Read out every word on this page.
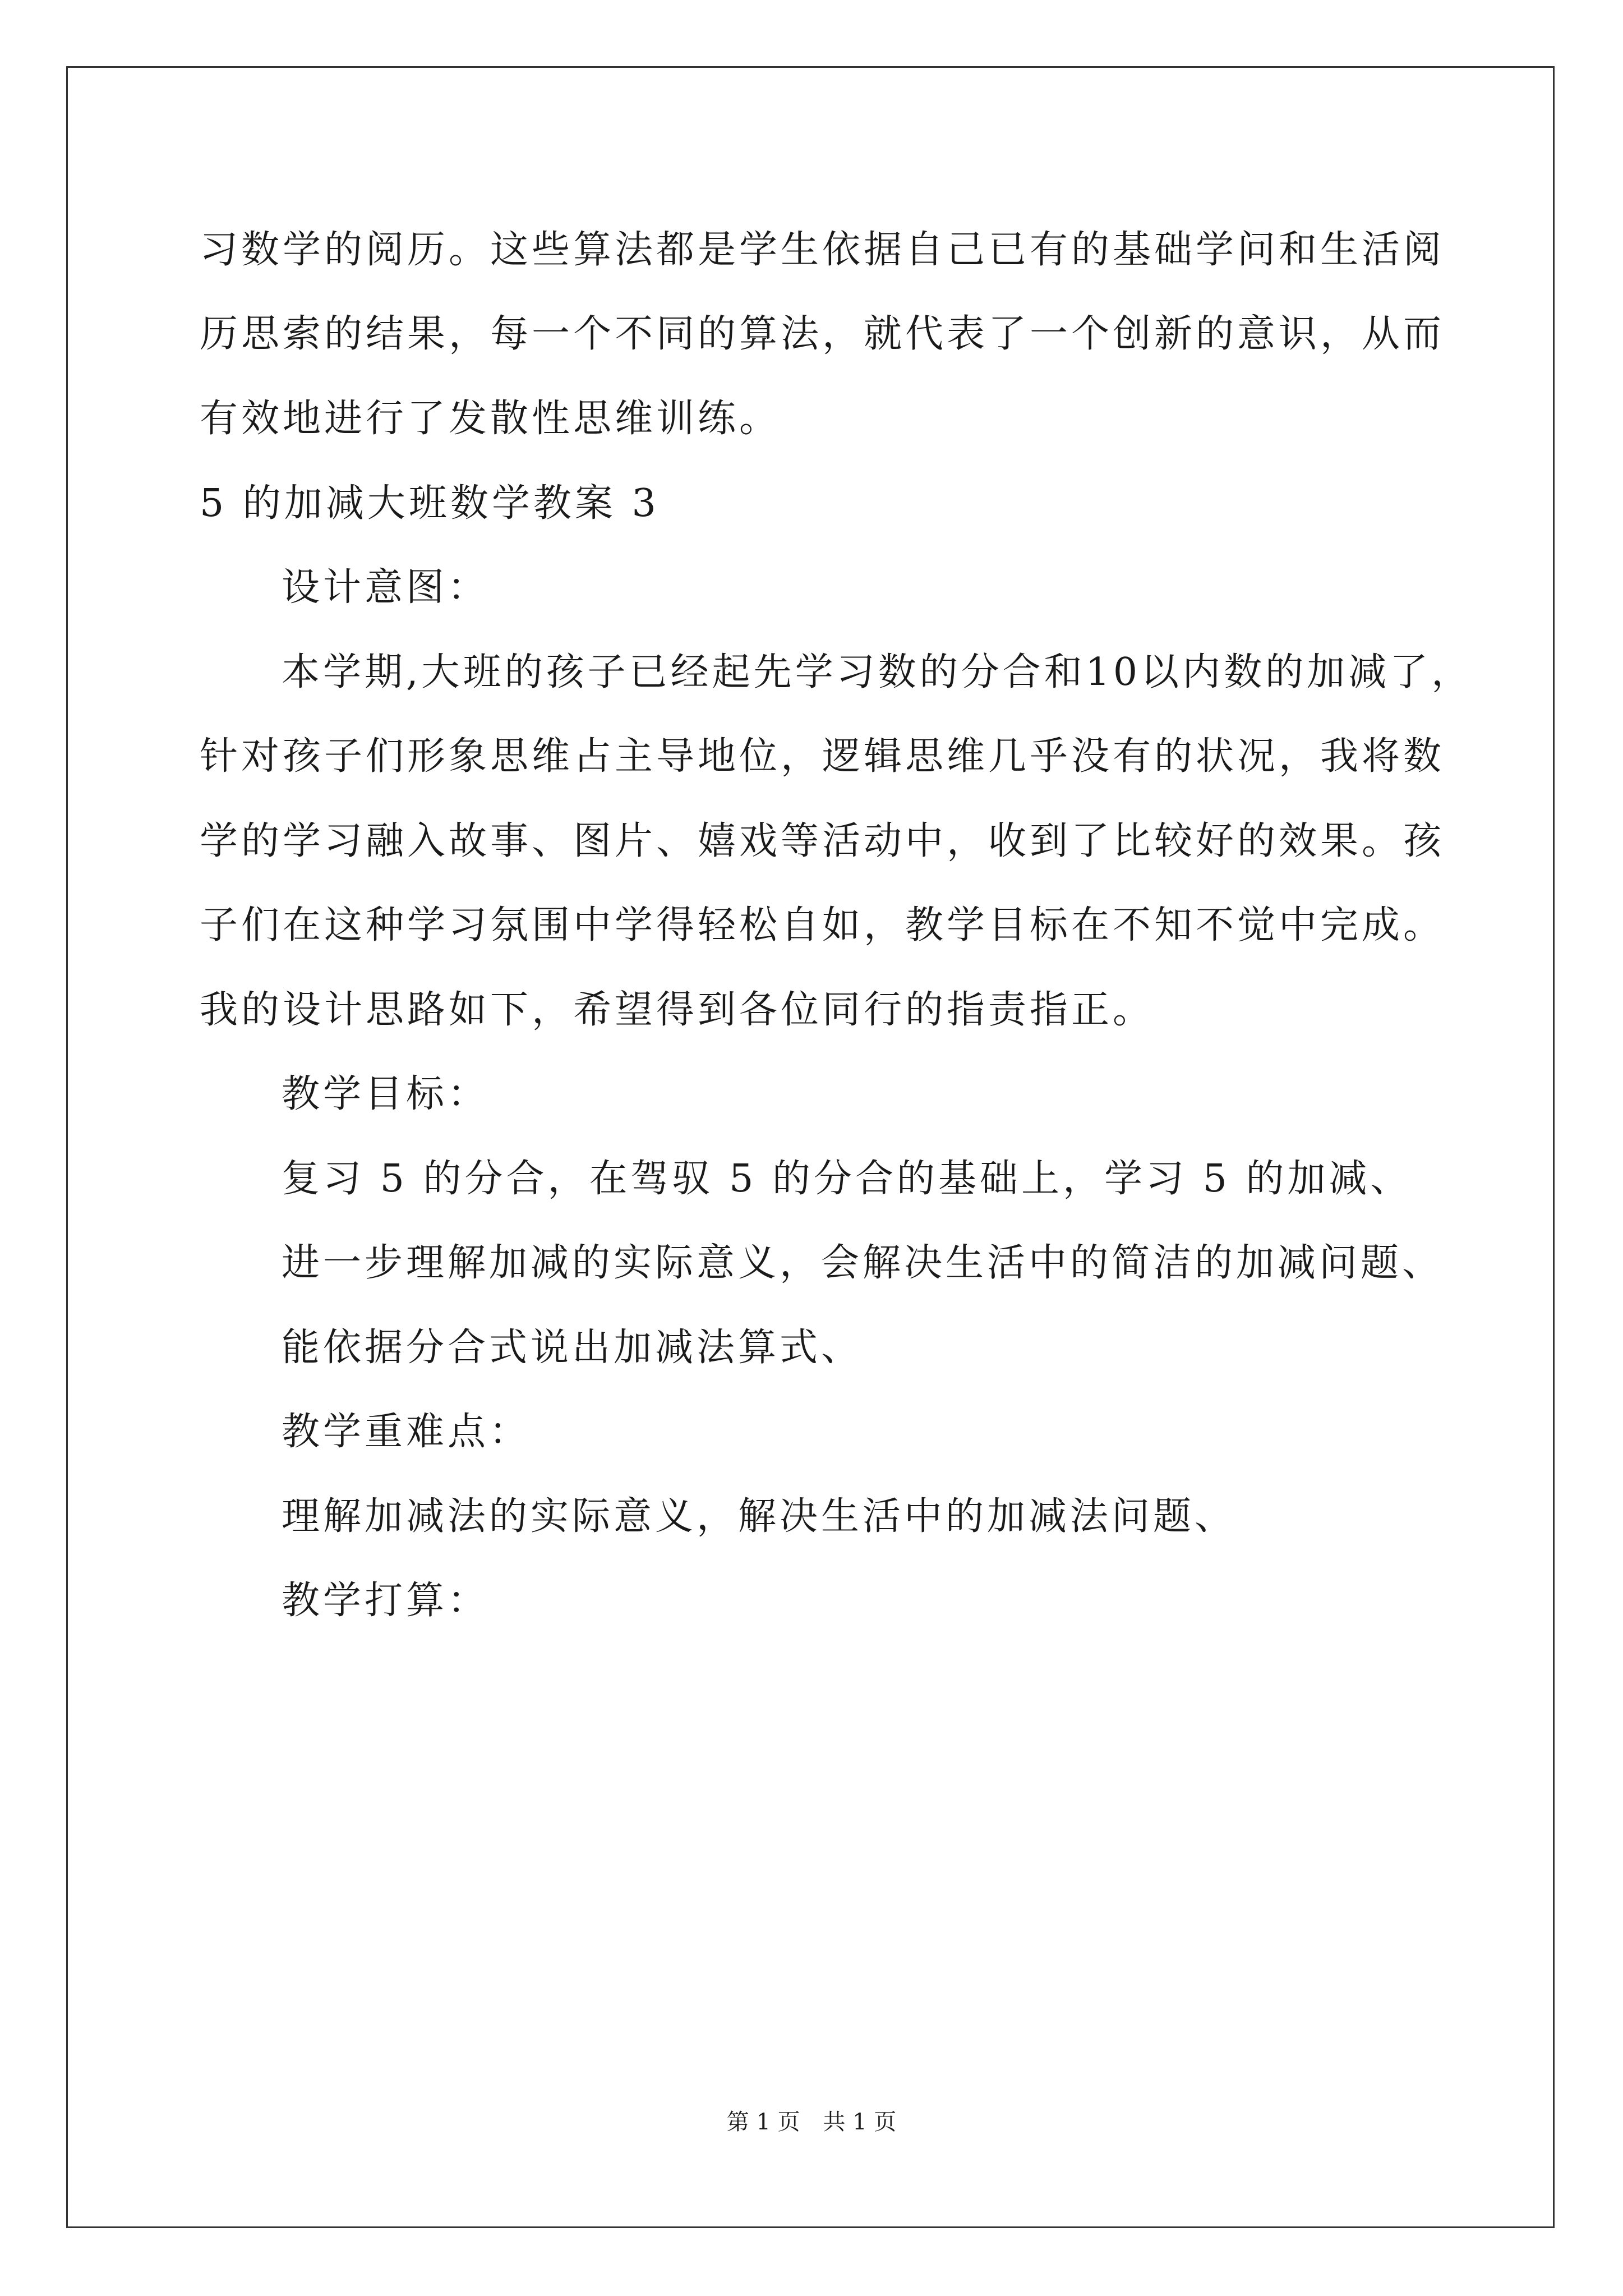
习数学的阅历。这些算法都是学生依据自己已有的基础学问和生活阅
历思索的结果，每一个不同的算法，就代表了一个创新的意识，从而
有效地进行了发散性思维训练。
5 的加减大班数学教案 3
设计意图：
本学期,大班的孩子已经起先学习数的分合和10以内数的加减了，
针对孩子们形象思维占主导地位，逻辑思维几乎没有的状况，我将数
学的学习融入故事、图片、嬉戏等活动中，收到了比较好的效果。孩
子们在这种学习氛围中学得轻松自如，教学目标在不知不觉中完成。
我的设计思路如下，希望得到各位同行的指责指正。
教学目标：
复习 5 的分合，在驾驭 5 的分合的基础上，学习 5 的加减、
进一步理解加减的实际意义，会解决生活中的简洁的加减问题、
能依据分合式说出加减法算式、
教学重难点：
理解加减法的实际意义，解决生活中的加减法问题、
教学打算：
第 1 页 共 1 页
